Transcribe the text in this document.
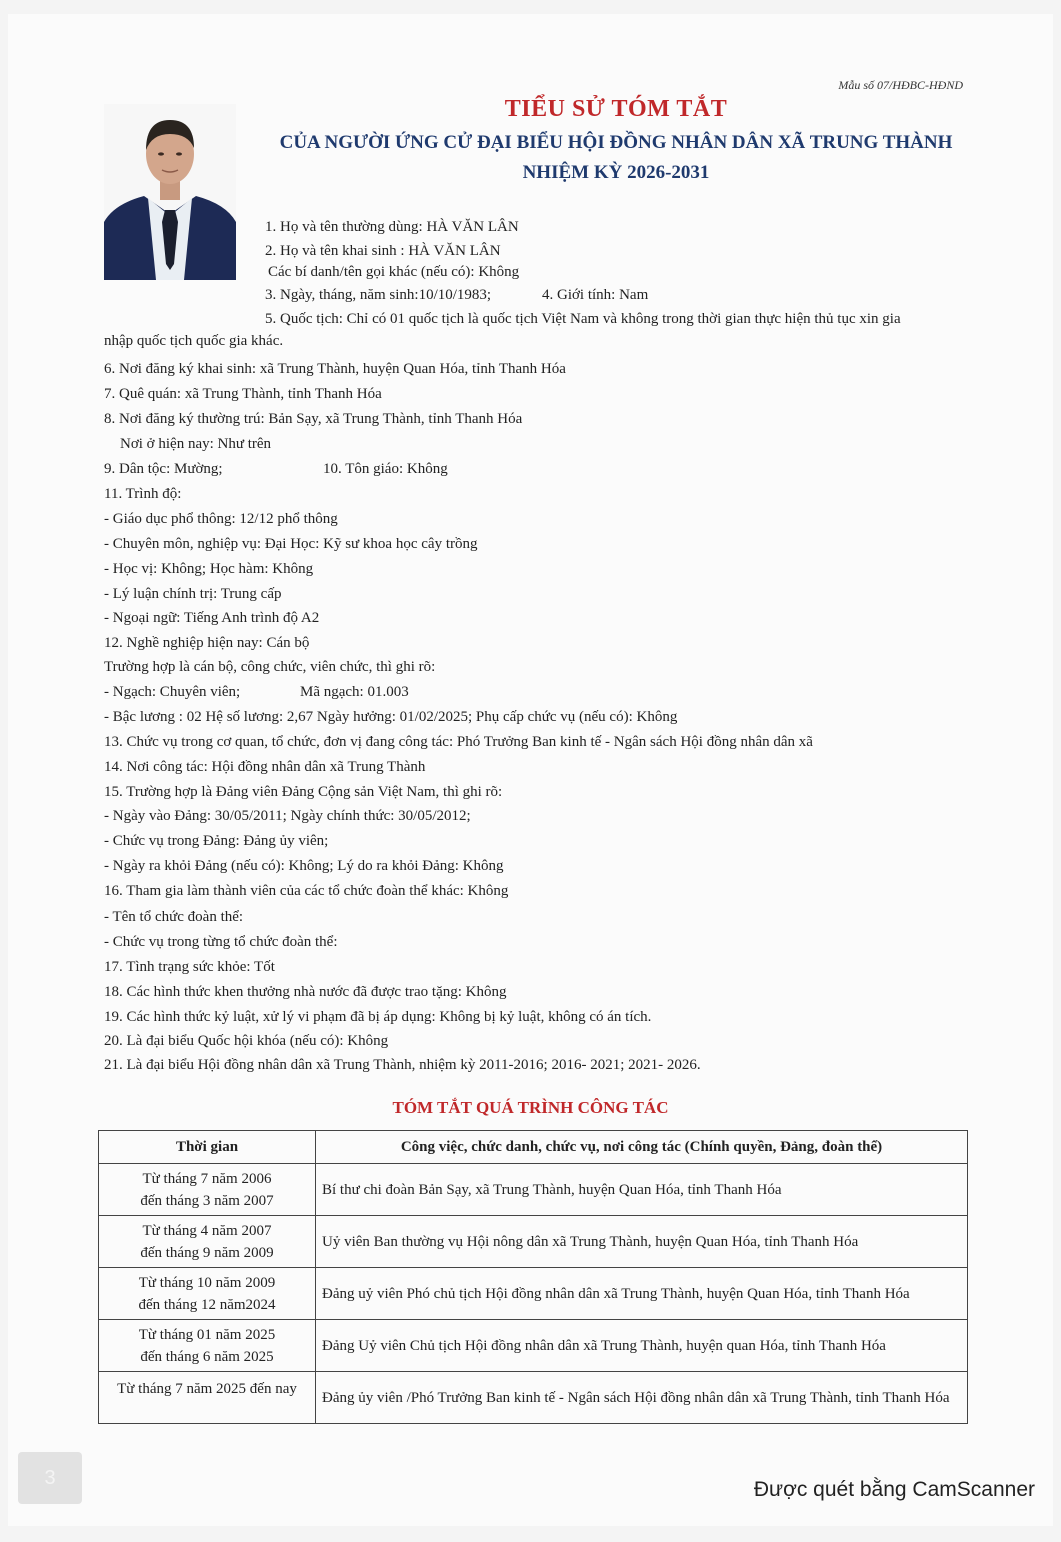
Mẫu số 07/HĐBC-HĐND
TIỂU SỬ TÓM TẮT
CỦA NGƯỜI ỨNG CỬ ĐẠI BIỂU HỘI ĐỒNG NHÂN DÂN XÃ TRUNG THÀNH
NHIỆM KỲ 2026-2031
1. Họ và tên thường dùng: HÀ VĂN LÂN
2. Họ và tên khai sinh : HÀ VĂN LÂN
Các bí danh/tên gọi khác (nếu có): Không
3. Ngày, tháng, năm sinh:10/10/1983;	4. Giới tính: Nam
5. Quốc tịch: Chỉ có 01 quốc tịch là quốc tịch Việt Nam và không trong thời gian thực hiện thủ tục xin gia
nhập quốc tịch quốc gia khác.
6. Nơi đăng ký khai sinh: xã Trung Thành, huyện Quan Hóa, tỉnh Thanh Hóa
7. Quê quán: xã Trung Thành, tỉnh Thanh Hóa
8. Nơi đăng ký thường trú: Bản Sạy, xã Trung Thành, tỉnh Thanh Hóa
Nơi ở hiện nay: Như trên
9. Dân tộc: Mường;	10. Tôn giáo: Không
11. Trình độ:
- Giáo dục phổ thông: 12/12 phổ thông
- Chuyên môn, nghiệp vụ: Đại Học: Kỹ sư khoa học cây trồng
- Học vị: Không; Học hàm: Không
- Lý luận chính trị: Trung cấp
- Ngoại ngữ: Tiếng Anh trình độ A2
12. Nghề nghiệp hiện nay: Cán bộ
Trường hợp là cán bộ, công chức, viên chức, thì ghi rõ:
- Ngạch: Chuyên viên;	Mã ngạch: 01.003
- Bậc lương : 02 Hệ số lương: 2,67 Ngày hưởng: 01/02/2025; Phụ cấp chức vụ (nếu có): Không
13. Chức vụ trong cơ quan, tổ chức, đơn vị đang công tác: Phó Trưởng Ban kinh tế - Ngân sách Hội đồng nhân dân xã
14. Nơi công tác: Hội đồng nhân dân xã Trung Thành
15. Trường hợp là Đảng viên Đảng Cộng sản Việt Nam, thì ghi rõ:
- Ngày vào Đảng: 30/05/2011; Ngày chính thức: 30/05/2012;
- Chức vụ trong Đảng: Đảng ủy viên;
- Ngày ra khỏi Đảng (nếu có): Không; Lý do ra khỏi Đảng: Không
16. Tham gia làm thành viên của các tổ chức đoàn thể khác: Không
- Tên tổ chức đoàn thể:
- Chức vụ trong từng tổ chức đoàn thể:
17. Tình trạng sức khỏe: Tốt
18. Các hình thức khen thưởng nhà nước đã được trao tặng: Không
19. Các hình thức kỷ luật, xử lý vi phạm đã bị áp dụng: Không bị kỷ luật, không có án tích.
20. Là đại biểu Quốc hội khóa (nếu có): Không
21. Là đại biểu Hội đồng nhân dân xã Trung Thành, nhiệm kỳ 2011-2016; 2016- 2021; 2021- 2026.
TÓM TẮT QUÁ TRÌNH CÔNG TÁC
Thời gian	Công việc, chức danh, chức vụ, nơi công tác (Chính quyền, Đảng, đoàn thể)

Từ tháng 7 năm 2006
đến tháng 3 năm 2007	Bí thư chi đoàn Bản Sạy, xã Trung Thành, huyện Quan Hóa, tỉnh Thanh Hóa

Từ tháng 4 năm 2007
đến tháng 9 năm 2009	Uỷ viên Ban thường vụ Hội nông dân xã Trung Thành, huyện Quan Hóa, tỉnh Thanh Hóa

Từ tháng 10 năm 2009
đến tháng 12 năm2024	Đảng uỷ viên Phó chủ tịch Hội đồng nhân dân xã Trung Thành, huyện Quan Hóa, tỉnh Thanh Hóa

Từ tháng 01 năm 2025
đến tháng 6 năm 2025	Đảng Uỷ viên Chủ tịch Hội đồng nhân dân xã Trung Thành, huyện quan Hóa, tỉnh Thanh Hóa

Từ tháng 7 năm 2025 đến nay	Đảng ủy viên /Phó Trưởng Ban kinh tế - Ngân sách Hội đồng nhân dân xã Trung Thành, tỉnh Thanh Hóa
3	Được quét bằng CamScanner
